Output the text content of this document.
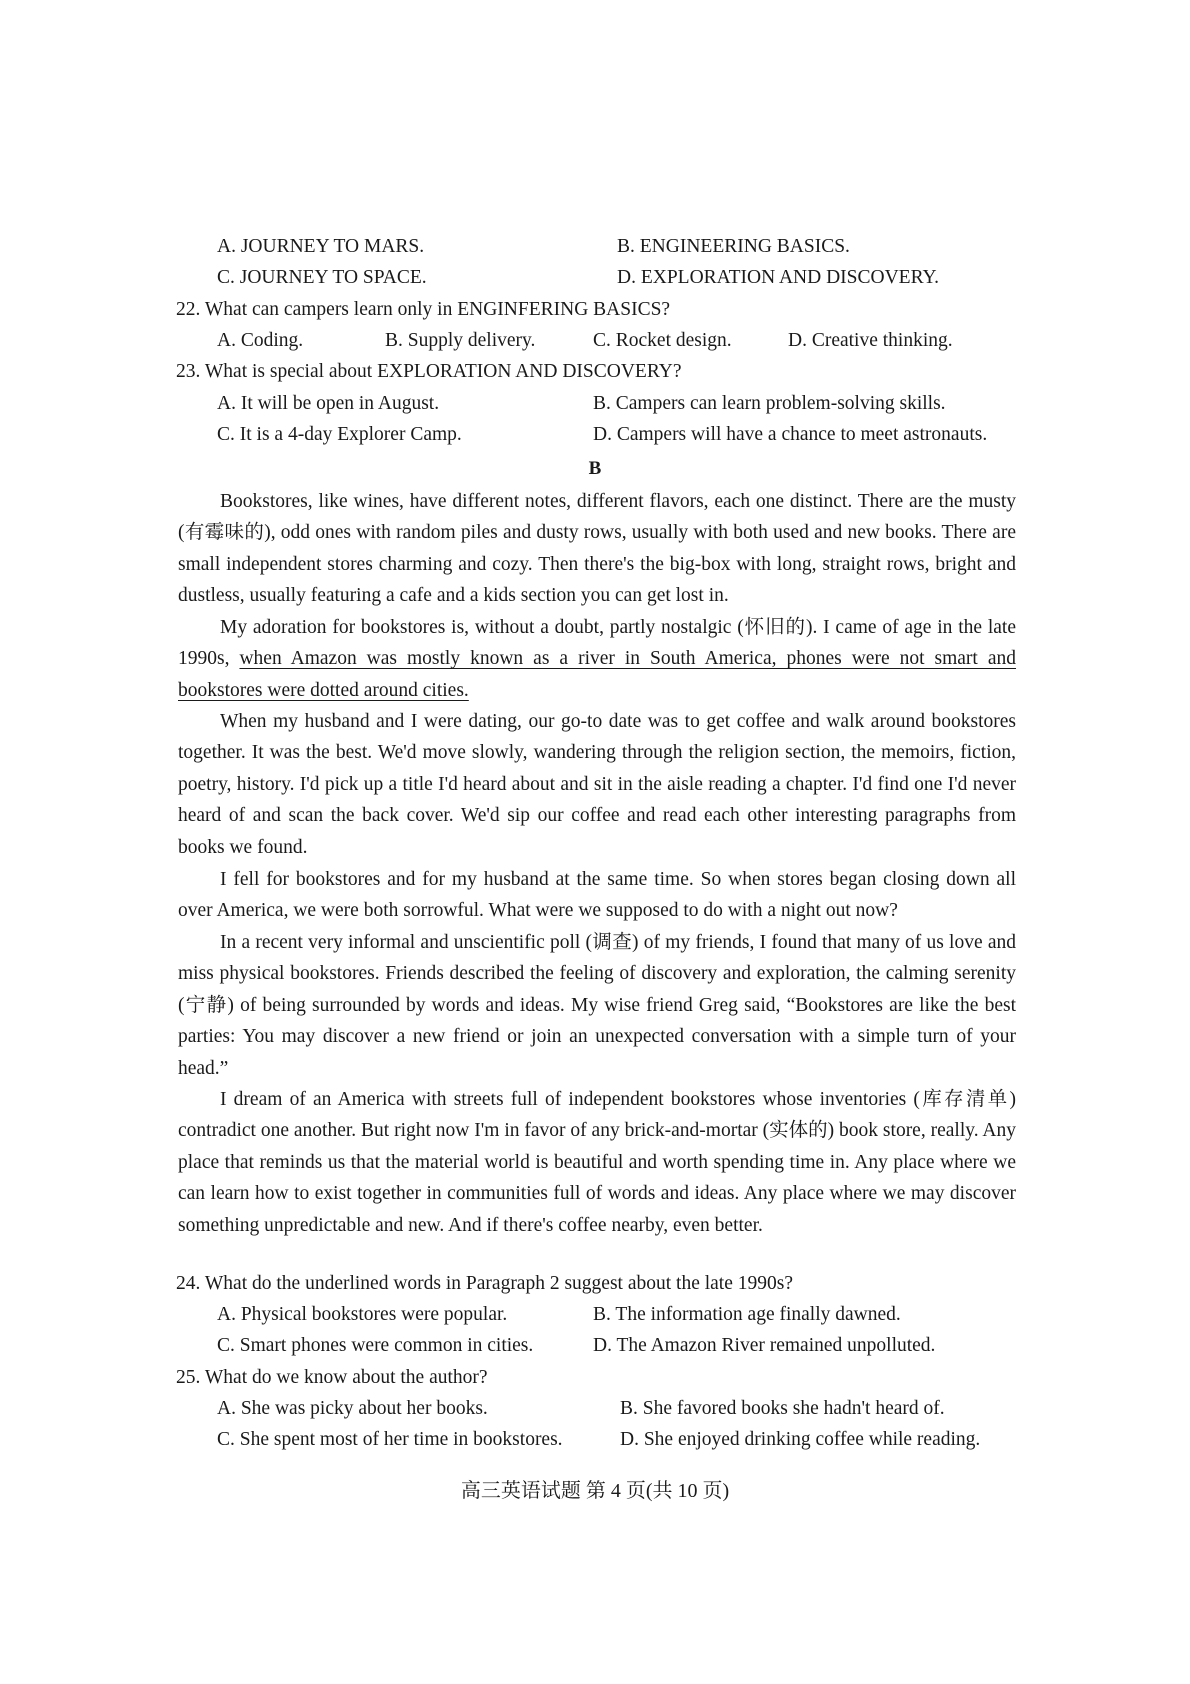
A. JOURNEY TO MARS.	B. ENGINEERING BASICS.
C. JOURNEY TO SPACE.	D. EXPLORATION AND DISCOVERY.
22. What can campers learn only in ENGINFERING BASICS?
A. Coding.	B. Supply delivery.	C. Rocket design.	D. Creative thinking.
23. What is special about EXPLORATION AND DISCOVERY?
A. It will be open in August.	B. Campers can learn problem-solving skills.
C. It is a 4-day Explorer Camp.	D. Campers will have a chance to meet astronauts.
B
Bookstores, like wines, have different notes, different flavors, each one distinct. There are the musty (有霉味的), odd ones with random piles and dusty rows, usually with both used and new books. There are small independent stores charming and cozy. Then there's the big-box with long, straight rows, bright and dustless, usually featuring a cafe and a kids section you can get lost in.
My adoration for bookstores is, without a doubt, partly nostalgic (怀旧的). I came of age in the late 1990s, when Amazon was mostly known as a river in South America, phones were not smart and bookstores were dotted around cities.
When my husband and I were dating, our go-to date was to get coffee and walk around bookstores together. It was the best. We'd move slowly, wandering through the religion section, the memoirs, fiction, poetry, history. I'd pick up a title I'd heard about and sit in the aisle reading a chapter. I'd find one I'd never heard of and scan the back cover. We'd sip our coffee and read each other interesting paragraphs from books we found.
I fell for bookstores and for my husband at the same time. So when stores began closing down all over America, we were both sorrowful. What were we supposed to do with a night out now?
In a recent very informal and unscientific poll (调查) of my friends, I found that many of us love and miss physical bookstores. Friends described the feeling of discovery and exploration, the calming serenity (宁静) of being surrounded by words and ideas. My wise friend Greg said, “Bookstores are like the best parties: You may discover a new friend or join an unexpected conversation with a simple turn of your head.”
I dream of an America with streets full of independent bookstores whose inventories (库存清单) contradict one another. But right now I'm in favor of any brick-and-mortar (实体的) book store, really. Any place that reminds us that the material world is beautiful and worth spending time in. Any place where we can learn how to exist together in communities full of words and ideas. Any place where we may discover something unpredictable and new. And if there's coffee nearby, even better.
24. What do the underlined words in Paragraph 2 suggest about the late 1990s?
A. Physical bookstores were popular.	B. The information age finally dawned.
C. Smart phones were common in cities.	D. The Amazon River remained unpolluted.
25. What do we know about the author?
A. She was picky about her books.	B. She favored books she hadn't heard of.
C. She spent most of her time in bookstores.	D. She enjoyed drinking coffee while reading.
高三英语试题 第 4 页(共 10 页)
